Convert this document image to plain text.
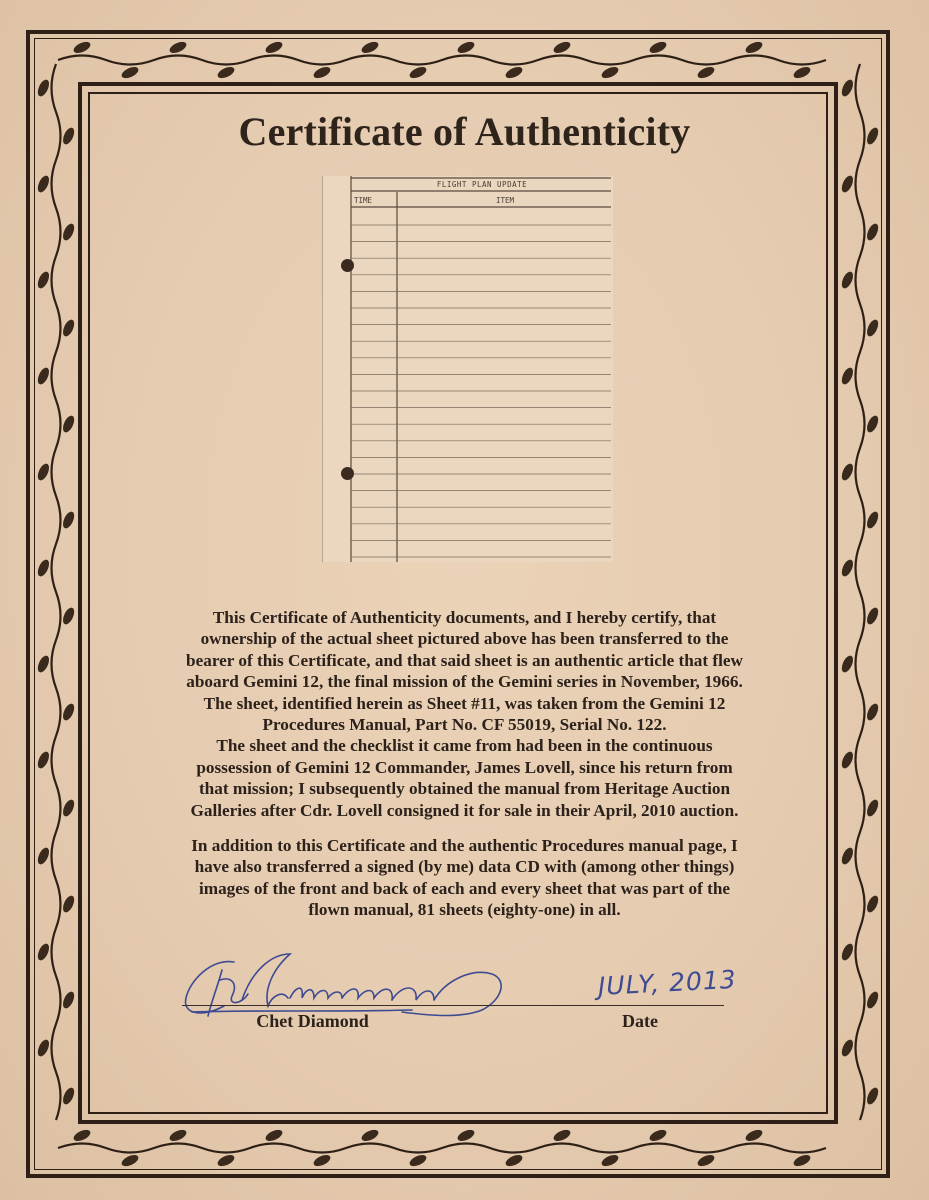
Certificate of Authenticity
FLIGHT PLAN UPDATE
TIME	ITEM
This Certificate of Authenticity documents, and I hereby certify, that
ownership of the actual sheet pictured above has been transferred to the
bearer of this Certificate, and that said sheet is an authentic article that flew
aboard Gemini 12, the final mission of the Gemini series in November, 1966.
The sheet, identified herein as Sheet #11, was taken from the Gemini 12
Procedures Manual, Part No. CF 55019, Serial No. 122.
The sheet and the checklist it came from had been in the continuous
possession of Gemini 12 Commander, James Lovell, since his return from
that mission; I subsequently obtained the manual from Heritage Auction
Galleries after Cdr. Lovell consigned it for sale in their April, 2010 auction.
In addition to this Certificate and the authentic Procedures manual page, I
have also transferred a signed (by me) data CD with (among other things)
images of the front and back of each and every sheet that was part of the
flown manual, 81 sheets (eighty-one) in all.
Chet Diamond
JULY, 2013
Date
